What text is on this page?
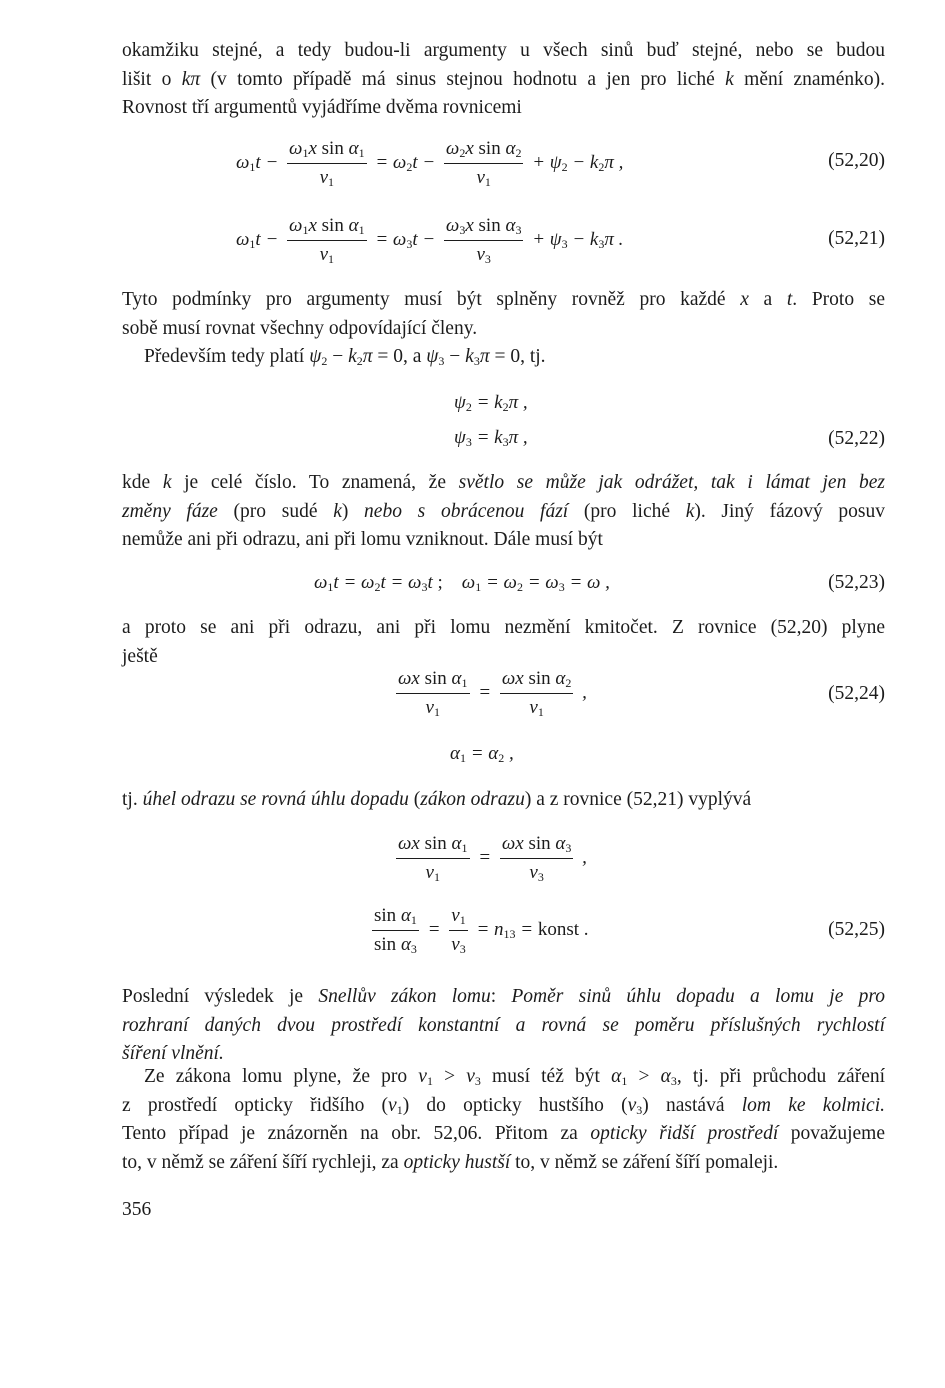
okamžiku stejné, a tedy budou-li argumenty u všech sinů buď stejné, nebo se budou
lišit o kπ (v tomto případě má sinus stejnou hodnotu a jen pro liché k mění znaménko).
Rovnost tří argumentů vyjádříme dvěma rovnicemi
$\omega_1t - \frac{\omega_1x \sin \alpha_1}{v_1} = \omega_2t - \frac{\omega_2x \sin \alpha_2}{v_1} + \psi_2 - k_2\pi$ ,	(52,20)
$\omega_1t - \frac{\omega_1x \sin \alpha_1}{v_1} = \omega_3t - \frac{\omega_3x \sin \alpha_3}{v_3} + \psi_3 - k_3\pi$ .	(52,21)
Tyto podmínky pro argumenty musí být splněny rovněž pro každé x a t. Proto se
sobě musí rovnat všechny odpovídající členy.
Především tedy platí $\psi_2 - k_2\pi = 0$, a $\psi_3 - k_3\pi = 0$, tj.
$\psi_2 = k_2\pi$ ,
$\psi_3 = k_3\pi$ ,	(52,22)
kde k je celé číslo. To znamená, že světlo se může jak odrážet, tak i lámat jen bez
změny fáze (pro sudé k) nebo s obrácenou fází (pro liché k). Jiný fázový posuv
nemůže ani při odrazu, ani při lomu vzniknout. Dále musí být
$\omega_1t = \omega_2t = \omega_3t$ ;    $\omega_1 = \omega_2 = \omega_3 = \omega$ ,	(52,23)
a proto se ani při odrazu, ani při lomu nezmění kmitočet. Z rovnice (52,20) plyne
ještě
$\frac{\omega x \sin \alpha_1}{v_1} = \frac{\omega x \sin \alpha_2}{v_1}$ ,	(52,24)
$\alpha_1 = \alpha_2$ ,
tj. úhel odrazu se rovná úhlu dopadu (zákon odrazu) a z rovnice (52,21) vyplývá
$\frac{\omega x \sin \alpha_1}{v_1} = \frac{\omega x \sin \alpha_3}{v_3}$ ,
$\frac{\sin \alpha_1}{\sin \alpha_3} = \frac{v_1}{v_3} = n_{13}$ = konst .	(52,25)
Poslední výsledek je Snellův zákon lomu: Poměr sinů úhlu dopadu a lomu je pro
rozhraní daných dvou prostředí konstantní a rovná se poměru příslušných rychlostí
šíření vlnění.
Ze zákona lomu plyne, že pro $v_1 > v_3$ musí též být $\alpha_1 > \alpha_3$, tj. při průchodu záření
z prostředí opticky řidšího $(v_1)$ do opticky hustšího $(v_3)$ nastává lom ke kolmici.
Tento případ je znázorněn na obr. 52,06. Přitom za opticky řidší prostředí považujeme
to, v němž se záření šíří rychleji, za opticky hustší to, v němž se záření šíří pomaleji.
356
